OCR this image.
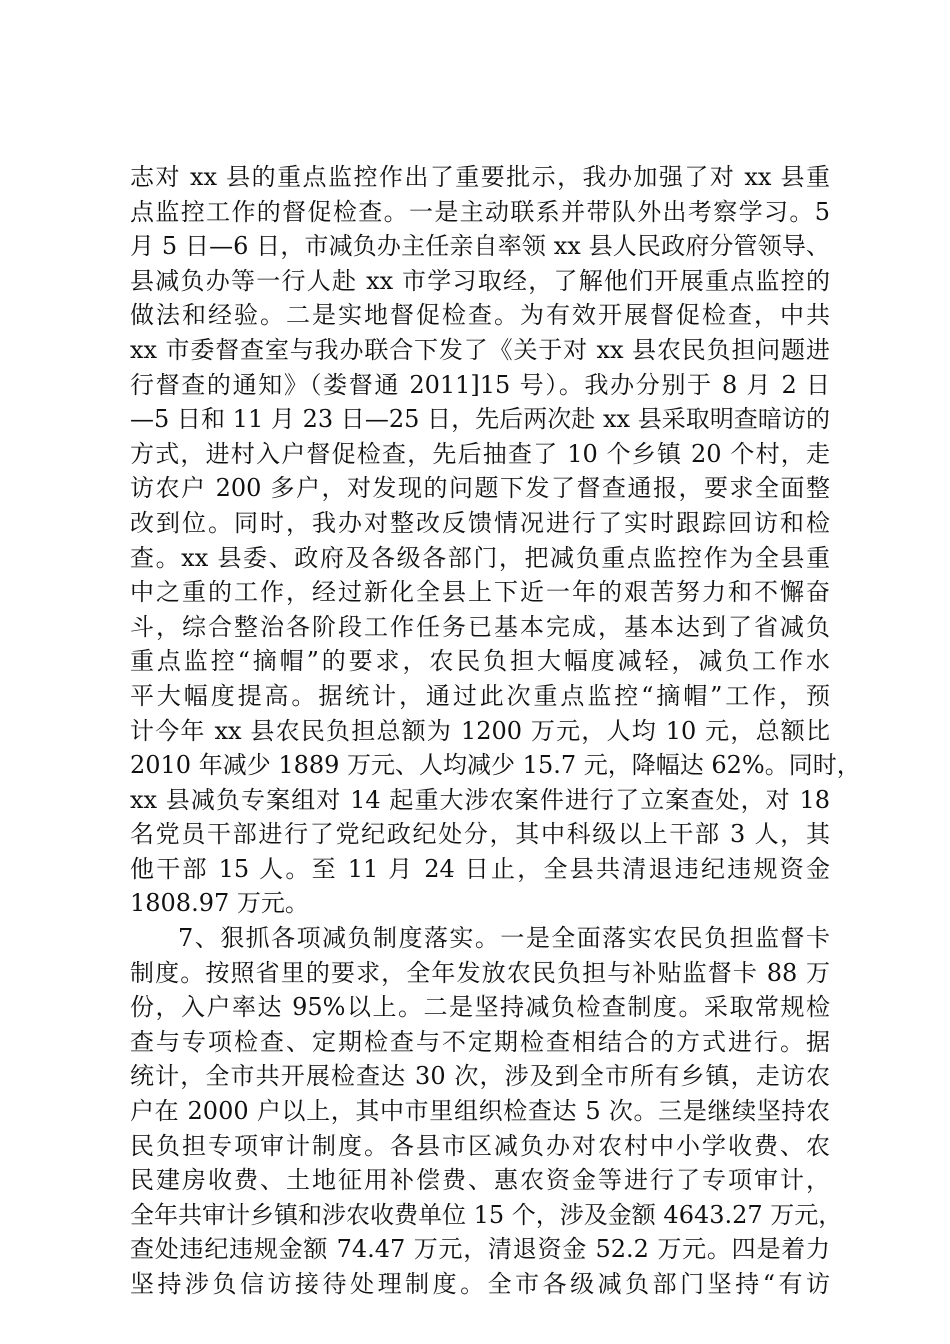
志对 xx 县的重点监控作出了重要批示，我办加强了对 xx 县重
点监控工作的督促检查。一是主动联系并带队外出考察学习。5
月 5 日—6 日，市减负办主任亲自率领 xx 县人民政府分管领导、
县减负办等一行人赴 xx 市学习取经，了解他们开展重点监控的
做法和经验。二是实地督促检查。为有效开展督促检查，中共
xx 市委督查室与我办联合下发了《关于对 xx 县农民负担问题进
行督查的通知》（娄督通 2011]15 号）。我办分别于 8 月 2 日
—5 日和 11 月 23 日—25 日，先后两次赴 xx 县采取明查暗访的
方式，进村入户督促检查，先后抽查了 10 个乡镇 20 个村，走
访农户 200 多户，对发现的问题下发了督查通报，要求全面整
改到位。同时，我办对整改反馈情况进行了实时跟踪回访和检
查。xx 县委、政府及各级各部门，把减负重点监控作为全县重
中之重的工作，经过新化全县上下近一年的艰苦努力和不懈奋
斗，综合整治各阶段工作任务已基本完成，基本达到了省减负
重点监控“摘帽”的要求，农民负担大幅度减轻，减负工作水
平大幅度提高。据统计，通过此次重点监控“摘帽”工作，预
计今年 xx 县农民负担总额为 1200 万元，人均 10 元，总额比
2010 年减少 1889 万元、人均减少 15.7 元，降幅达 62%。同时，
xx 县减负专案组对 14 起重大涉农案件进行了立案查处，对 18
名党员干部进行了党纪政纪处分，其中科级以上干部 3 人，其
他干部 15 人。至 11 月 24 日止，全县共清退违纪违规资金
1808.97 万元。
7、狠抓各项减负制度落实。一是全面落实农民负担监督卡
制度。按照省里的要求，全年发放农民负担与补贴监督卡 88 万
份，入户率达 95%以上。二是坚持减负检查制度。采取常规检
查与专项检查、定期检查与不定期检查相结合的方式进行。据
统计，全市共开展检查达 30 次，涉及到全市所有乡镇，走访农
户在 2000 户以上，其中市里组织检查达 5 次。三是继续坚持农
民负担专项审计制度。各县市区减负办对农村中小学收费、农
民建房收费、土地征用补偿费、惠农资金等进行了专项审计，
全年共审计乡镇和涉农收费单位 15 个，涉及金额 4643.27 万元，
查处违纪违规金额 74.47 万元，清退资金 52.2 万元。四是着力
坚持涉负信访接待处理制度。全市各级减负部门坚持“有访
